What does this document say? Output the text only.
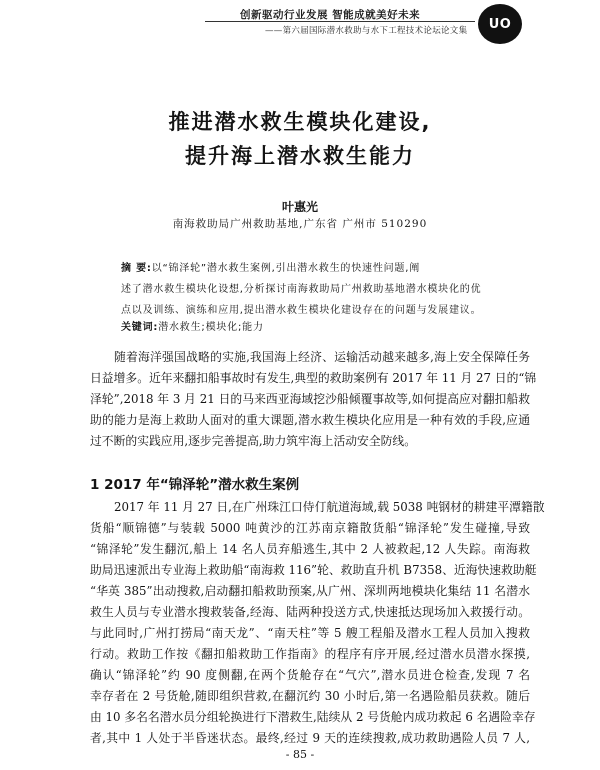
创新驱动行业发展 智能成就美好未来
——第六届国际潜水救助与水下工程技术论坛论文集 UO
推进潜水救生模块化建设,
提升海上潜水救生能力
叶惠光
南海救助局广州救助基地,广东省 广州市 510290
摘 要:以“锦泽轮”潜水救生案例,引出潜水救生的快速性问题,阐
述了潜水救生模块化设想,分析探讨南海救助局广州救助基地潜水模块化的优
点以及训练、演练和应用,提出潜水救生模块化建设存在的问题与发展建议。
关键词:潜水救生;模块化;能力
随着海洋强国战略的实施,我国海上经济、运输活动越来越多,海上安全保障任务
日益增多。近年来翻扣船事故时有发生,典型的救助案例有 2017 年 11 月 27 日的“锦
泽轮”,2018 年 3 月 21 日的马来西亚海域挖沙船倾覆事故等,如何提高应对翻扣船救
助的能力是海上救助人面对的重大课题,潜水救生模块化应用是一种有效的手段,应通
过不断的实践应用,逐步完善提高,助力筑牢海上活动安全防线。
1 2017 年“锦泽轮”潜水救生案例
2017 年 11 月 27 日,在广州珠江口侍仃航道海域,载 5038 吨钢材的耕建平潭籍散
货船“顺锦德”与装载 5000 吨黄沙的江苏南京籍散货船“锦泽轮”发生碰撞,导致
“锦泽轮”发生翻沉,船上 14 名人员弃船逃生,其中 2 人被救起,12 人失踪。南海救
助局迅速派出专业海上救助船“南海救 116”轮、救助直升机 B7358、近海快速救助艇
“华英 385”出动搜救,启动翻扣船救助预案,从广州、深圳两地模块化集结 11 名潜水
救生人员与专业潜水搜救装备,经海、陆两种投送方式,快速抵达现场加入救援行动。
与此同时,广州打捞局“南天龙”、“南天柱”等 5 艘工程船及潜水工程人员加入搜救
行动。救助工作按《翻扣船救助工作指南》的程序有序开展,经过潜水员潜水探摸,
确认“锦泽轮”约 90 度侧翻,在两个货舱存在“气穴”,潜水员进仓检查,发现 7 名
幸存者在 2 号货舱,随即组织营救,在翻沉约 30 小时后,第一名遇险船员获救。随后
由 10 多名名潜水员分组轮换进行下潜救生,陆续从 2 号货舱内成功救起 6 名遇险幸存
者,其中 1 人处于半昏迷状态。最终,经过 9 天的连续搜救,成功救助遇险人员 7 人,
- 85 -
